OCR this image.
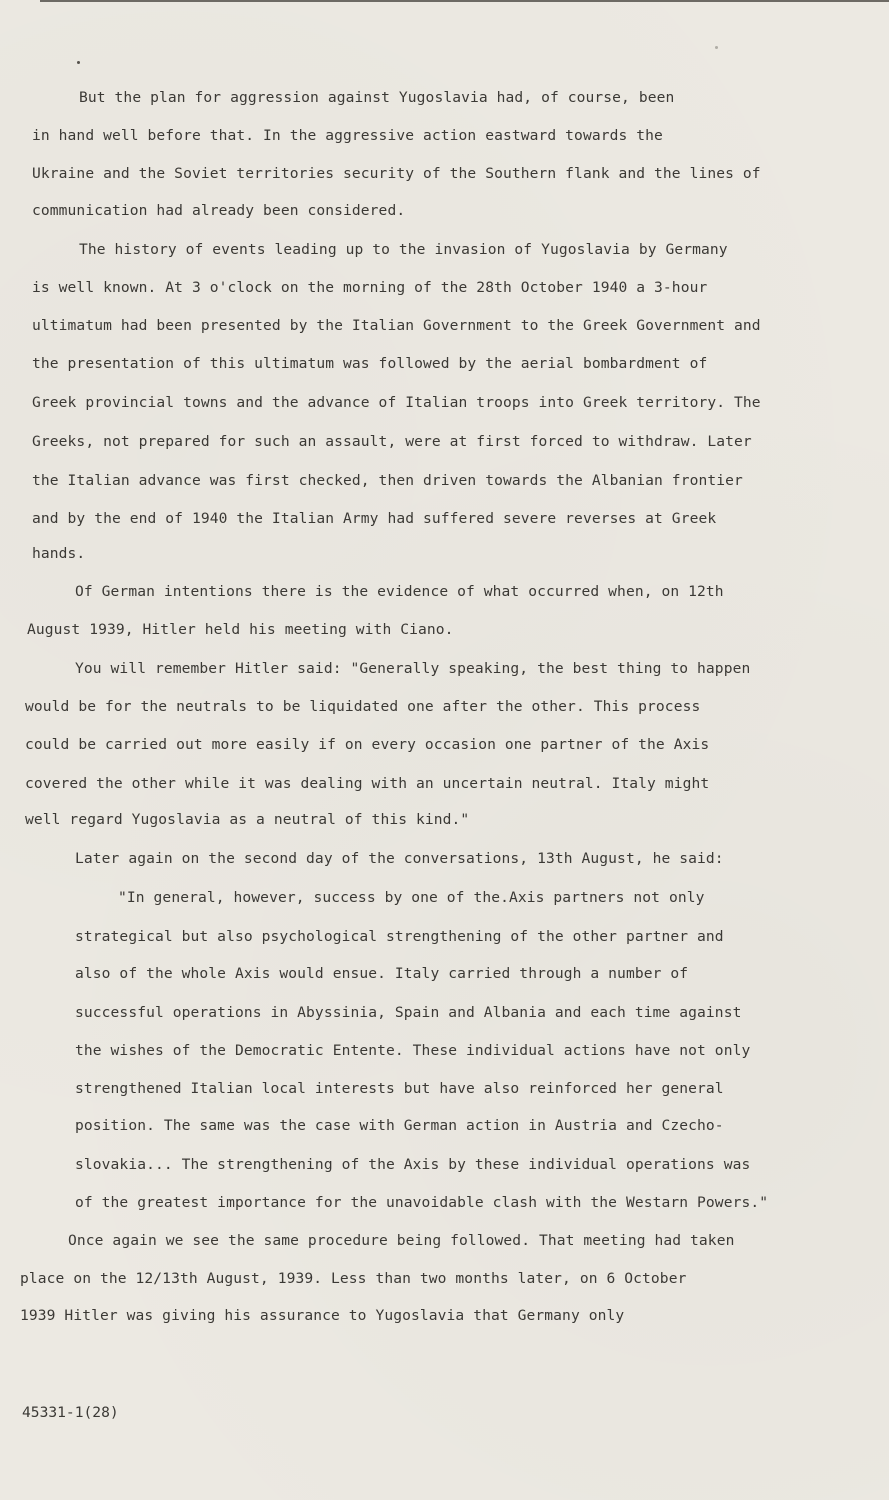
But the plan for aggression against Yugoslavia had, of course, been
in hand well before that. In the aggressive action eastward towards the
Ukraine and the Soviet territories security of the Southern flank and the lines of
communication had already been considered.
The history of events leading up to the invasion of Yugoslavia by Germany
is well known. At 3 o'clock on the morning of the 28th October 1940 a 3-hour
ultimatum had been presented by the Italian Government to the Greek Government and
the presentation of this ultimatum was followed by the aerial bombardment of
Greek provincial towns and the advance of Italian troops into Greek territory. The
Greeks, not prepared for such an assault, were at first forced to withdraw. Later
the Italian advance was first checked, then driven towards the Albanian frontier
and by the end of 1940 the Italian Army had suffered severe reverses at Greek
hands.
Of German intentions there is the evidence of what occurred when, on 12th
August 1939, Hitler held his meeting with Ciano.
You will remember Hitler said: "Generally speaking, the best thing to happen
would be for the neutrals to be liquidated one after the other. This process
could be carried out more easily if on every occasion one partner of the Axis
covered the other while it was dealing with an uncertain neutral. Italy might
well regard Yugoslavia as a neutral of this kind."
Later again on the second day of the conversations, 13th August, he said:
"In general, however, success by one of the.Axis partners not only
strategical but also psychological strengthening of the other partner and
also of the whole Axis would ensue. Italy carried through a number of
successful operations in Abyssinia, Spain and Albania and each time against
the wishes of the Democratic Entente. These individual actions have not only
strengthened Italian local interests but have also reinforced her general
position. The same was the case with German action in Austria and Czecho-
slovakia... The strengthening of the Axis by these individual operations was
of the greatest importance for the unavoidable clash with the Westarn Powers."
Once again we see the same procedure being followed. That meeting had taken
place on the 12/13th August, 1939. Less than two months later, on 6 October
1939 Hitler was giving his assurance to Yugoslavia that Germany only
45331-1(28)
